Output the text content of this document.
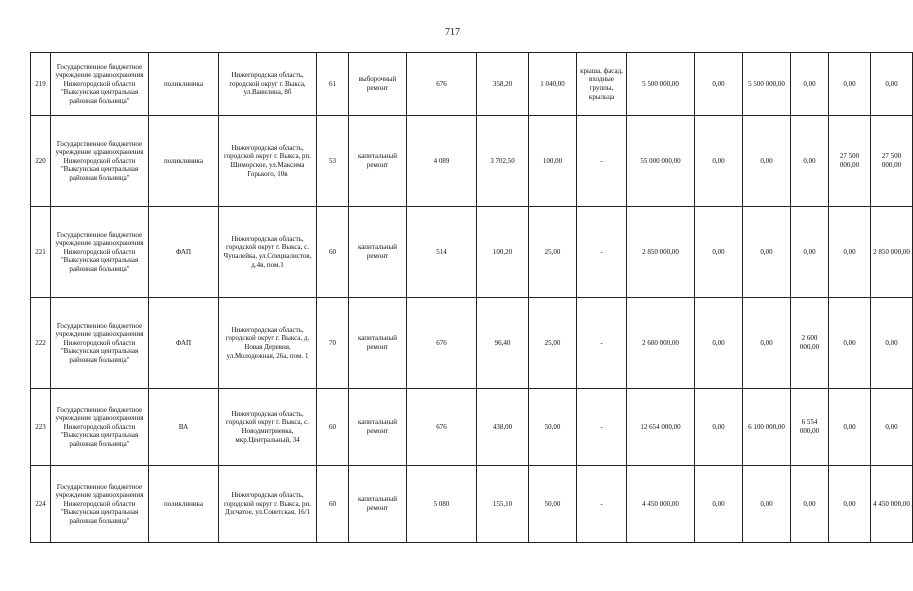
717
219	Государственное бюджетное учреждение здравоохранения Нижегородской области "Выксунская центральная районная больница"	поликлиника	Нижегородская область, городской округ г. Выкса, ул.Вавилина, 8б	61	выборочный ремонт	676	358,20	1 040,00	крыша, фасад, входные группы, крыльца	5 500 000,00	0,00	5 500 000,00	0,00	0,00	0,00
220	Государственное бюджетное учреждение здравоохранения Нижегородской области "Выксунская центральная районная больница"	поликлиника	Нижегородская область, городской округ г. Выкса, рп. Шиморское, ул.Максима Горького, 10в	53	капитальный ремонт	4 089	3 702,50	100,00	-	55 000 000,00	0,00	0,00	0,00	27 500 000,00	27 500 000,00
221	Государственное бюджетное учреждение здравоохранения Нижегородской области "Выксунская центральная районная больница"	ФАП	Нижегородская область, городской округ г. Выкса, с. Чупалейка, ул.Специалистов, д.4в, пом.1	60	капитальный ремонт	514	100,20	25,00	-	2 850 000,00	0,00	0,00	0,00	0,00	2 850 000,00
222	Государственное бюджетное учреждение здравоохранения Нижегородской области "Выксунская центральная районная больница"	ФАП	Нижегородская область, городской округ г. Выкса, д. Новая Деревня, ул.Молодежная, 26а, пом. 1	70	капитальный ремонт	676	96,40	25,00	-	2 600 000,00	0,00	0,00	2 600 000,00	0,00	0,00
223	Государственное бюджетное учреждение здравоохранения Нижегородской области "Выксунская центральная районная больница"	ВА	Нижегородская область, городской округ г. Выкса, с. Новодмитриевка, мкр.Центральный, 34	60	капитальный ремонт	676	438,00	50,00	-	12 654 000,00	0,00	6 100 000,00	6 554 000,00	0,00	0,00
224	Государственное бюджетное учреждение здравоохранения Нижегородской области "Выксунская центральная районная больница"	поликлиника	Нижегородская область, городской округ г. Выкса, рп. Дзсчатое, ул.Советская, 16/1	60	капитальный ремонт	5 080	155,10	50,00	-	4 450 000,00	0,00	0,00	0,00	0,00	4 450 000,00
